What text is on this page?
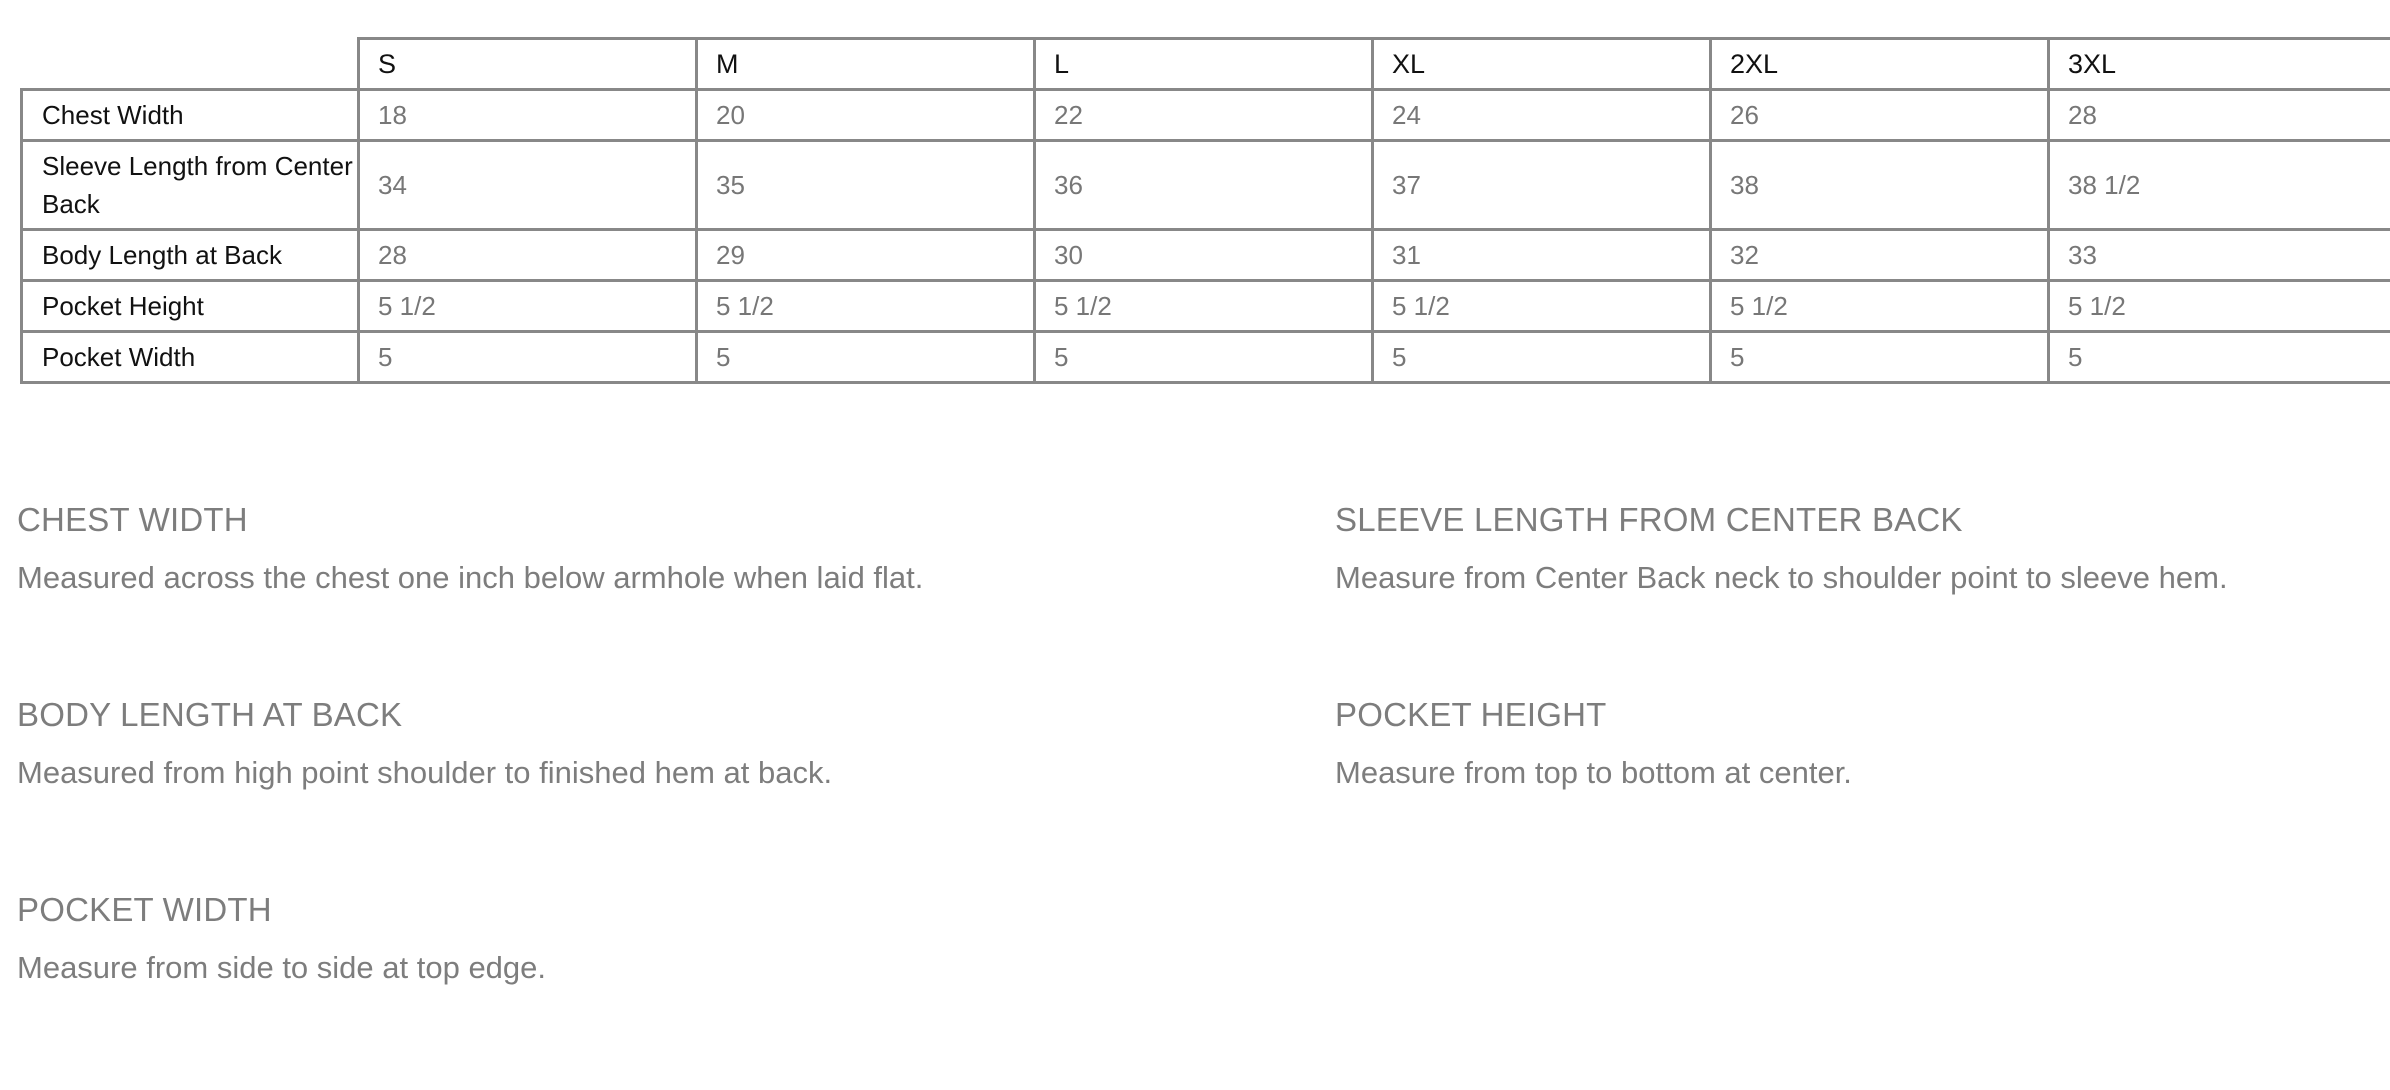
	S	M	L	XL	2XL	3XL
Chest Width	18	20	22	24	26	28
Sleeve Length from Center Back	34	35	36	37	38	38 1/2
Body Length at Back	28	29	30	31	32	33
Pocket Height	5 1/2	5 1/2	5 1/2	5 1/2	5 1/2	5 1/2
Pocket Width	5	5	5	5	5	5
CHEST WIDTH
Measured across the chest one inch below armhole when laid flat.
SLEEVE LENGTH FROM CENTER BACK
Measure from Center Back neck to shoulder point to sleeve hem.
BODY LENGTH AT BACK
Measured from high point shoulder to finished hem at back.
POCKET HEIGHT
Measure from top to bottom at center.
POCKET WIDTH
Measure from side to side at top edge.
